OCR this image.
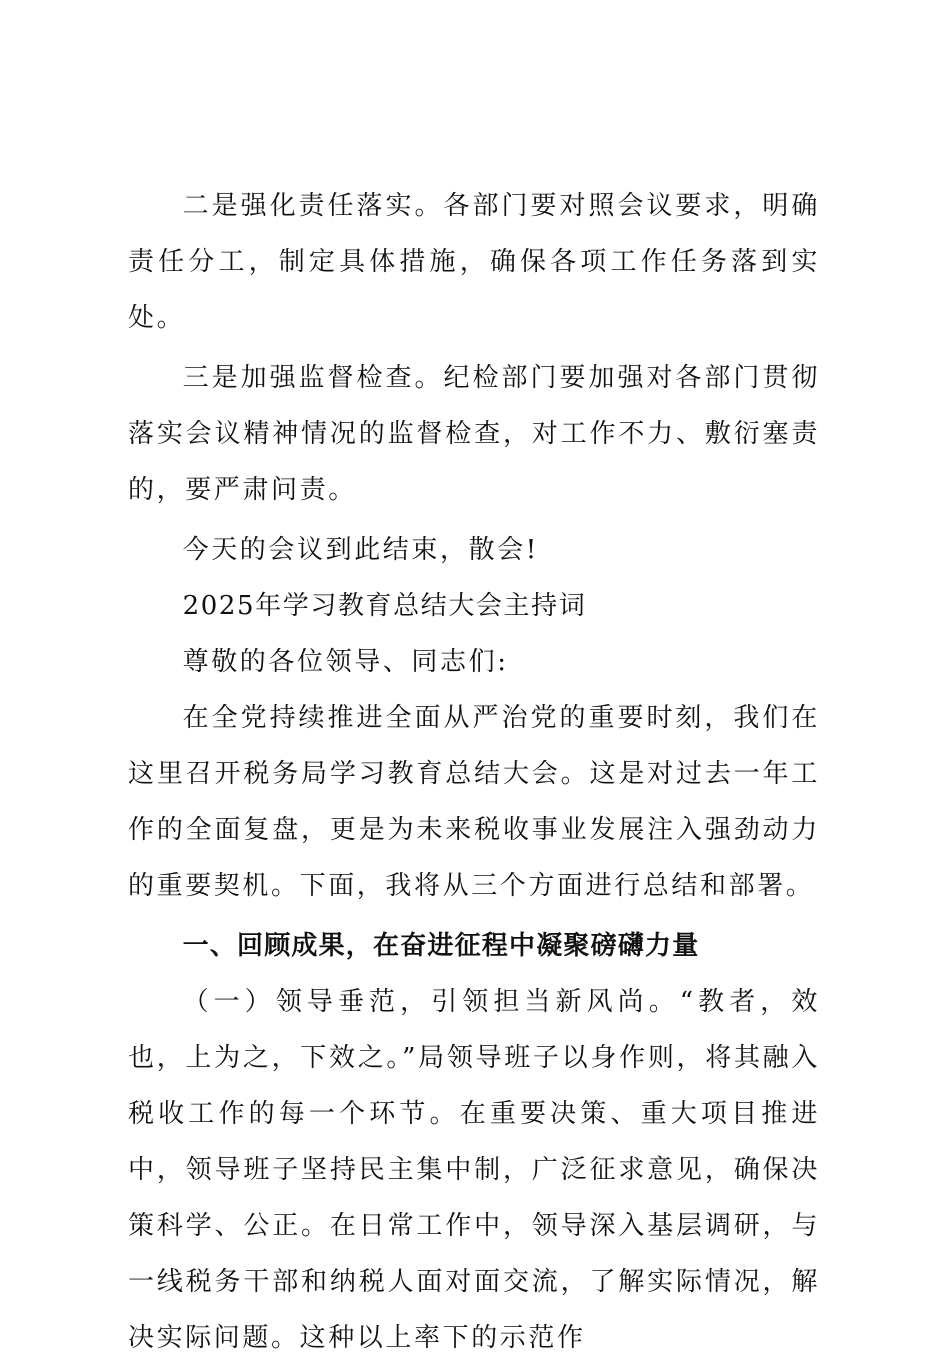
二是强化责任落实。各部门要对照会议要求，明确责任分工，制定具体措施，确保各项工作任务落到实处。

三是加强监督检查。纪检部门要加强对各部门贯彻落实会议精神情况的监督检查，对工作不力、敷衍塞责的，要严肃问责。

今天的会议到此结束，散会!

2025年学习教育总结大会主持词

尊敬的各位领导、同志们:

在全党持续推进全面从严治党的重要时刻，我们在这里召开税务局学习教育总结大会。这是对过去一年工作的全面复盘，更是为未来税收事业发展注入强劲动力的重要契机。下面，我将从三个方面进行总结和部署。

一、回顾成果，在奋进征程中凝聚磅礴力量

（一）领导垂范，引领担当新风尚。“教者，效也，上为之，下效之。”局领导班子以身作则，将其融入税收工作的每一个环节。在重要决策、重大项目推进中，领导班子坚持民主集中制，广泛征求意见，确保决策科学、公正。在日常工作中，领导深入基层调研，与一线税务干部和纳税人面对面交流，了解实际情况，解决实际问题。这种以上率下的示范作
